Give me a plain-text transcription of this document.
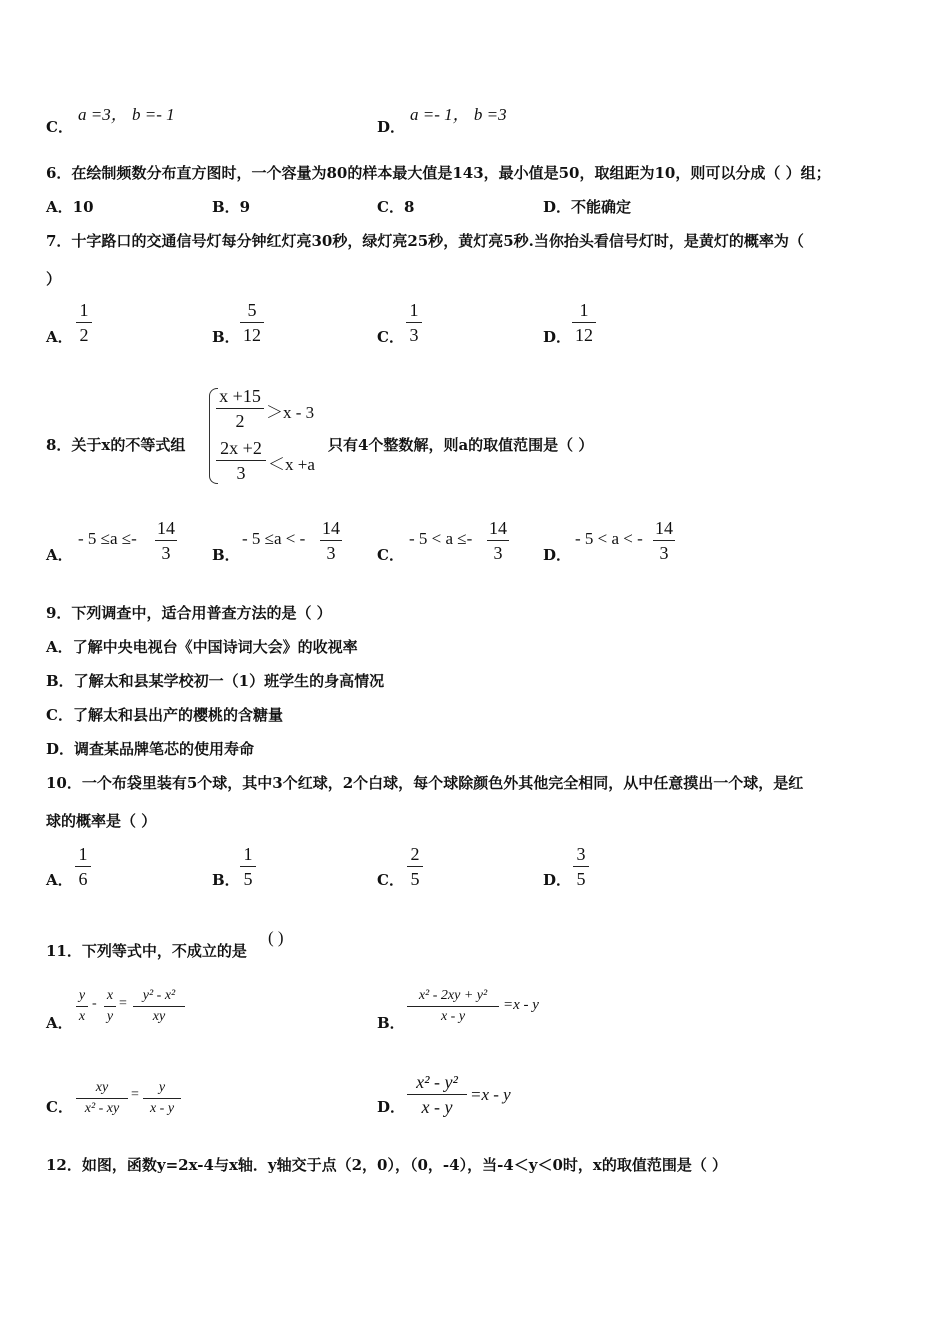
C．
a =3， b =- 1
D．
a =- 1， b =3
6．在绘制频数分布直方图时，一个容量为80的样本最大值是143，最小值是50，取组距为10，则可以分成（ ）组；
A．10	B．9	C．8	D．不能确定
7．十字路口的交通信号灯每分钟红灯亮30秒，绿灯亮25秒，黄灯亮5秒.当你抬头看信号灯时，是黄灯的概率为（
）
A．
1
2	B．
5
12	C．
1
3	D．
1
12
8．关于x的不等式组
x +15
2	＞x - 3
2x +2
3	＜x +a
只有4个整数解，则a的取值范围是（ ）
A．
- 5 ≤a ≤-
14
3	B．
- 5 ≤a < -
14
3	C．
- 5 < a ≤-
14
3	D．
- 5 < a < -
14
3
9．下列调查中，适合用普查方法的是（ ）
A．了解中央电视台《中国诗词大会》的收视率
B．了解太和县某学校初一（1）班学生的身高情况
C．了解太和县出产的樱桃的含糖量
D．调查某品牌笔芯的使用寿命
10．一个布袋里装有5个球，其中3个红球，2个白球，每个球除颜色外其他完全相同，从中任意摸出一个球，是红
球的概率是（ ）
A．
1
6	B．
1
5	C．
2
5	D．
3
5
11．下列等式中，不成立的是
( )
A．
y
x
-
x
y
=
y² - x²
xy	B．
x² - 2xy + y²
x - y
=x - y
C．
xy
x² - xy
=	y
x - y	D．
x² - y²
x - y
=x - y
12．如图，函数y=2x-4与x轴．y轴交于点（2，0），（0，-4），当-4＜y＜0时，x的取值范围是（ ）
